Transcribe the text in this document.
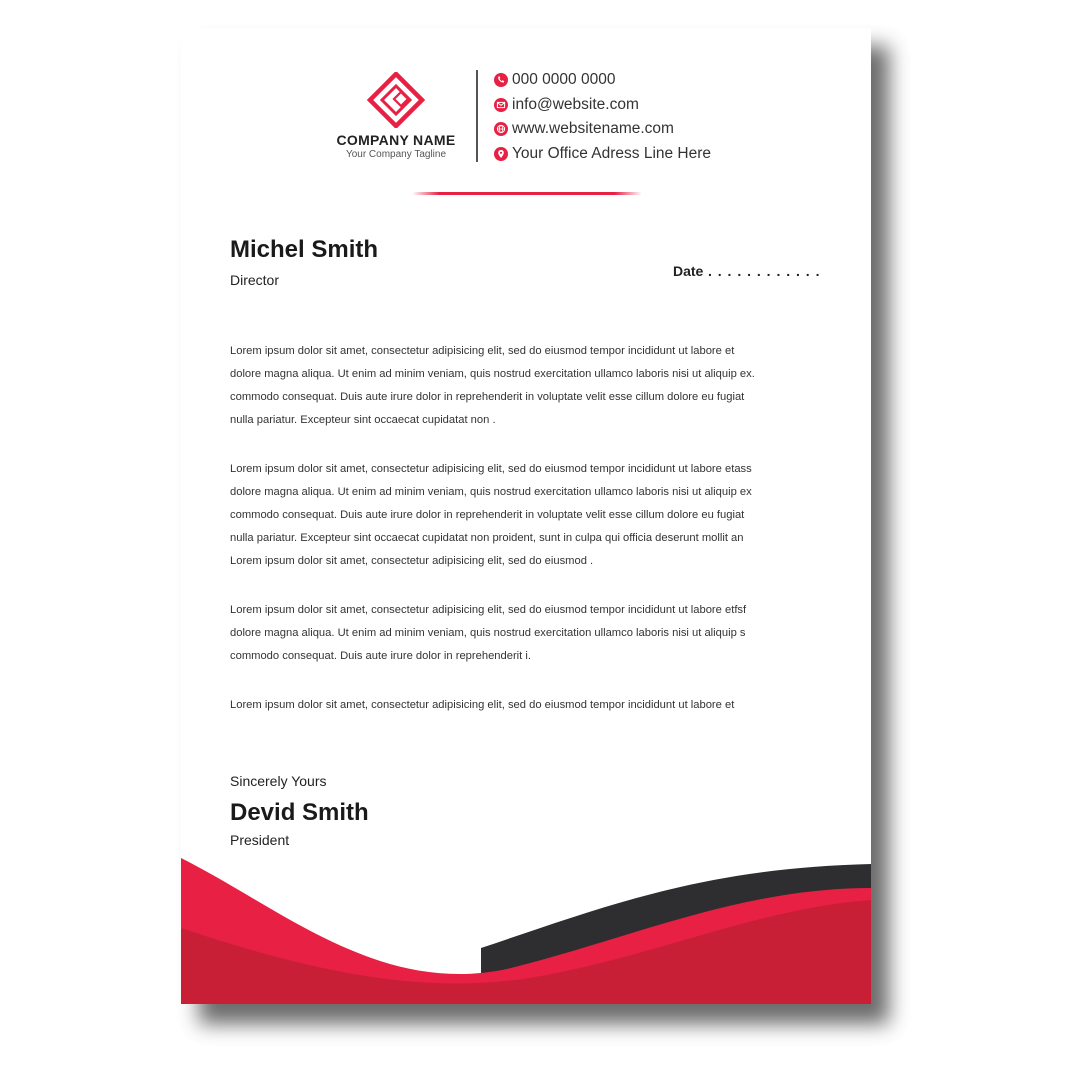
COMPANY NAME
Your Company Tagline
000 0000 0000
info@website.com
www.websitename.com
Your Office Adress Line Here
Michel Smith
Director
Date . . . . . . . . . . . .

Lorem ipsum dolor sit amet, consectetur adipisicing elit, sed do eiusmod tempor incididunt ut labore et
dolore magna aliqua. Ut enim ad minim veniam, quis nostrud exercitation ullamco laboris nisi ut aliquip ex.
commodo consequat. Duis aute irure dolor in reprehenderit in voluptate velit esse cillum dolore eu fugiat
nulla pariatur. Excepteur sint occaecat cupidatat non .

Lorem ipsum dolor sit amet, consectetur adipisicing elit, sed do eiusmod tempor incididunt ut labore etass
dolore magna aliqua. Ut enim ad minim veniam, quis nostrud exercitation ullamco laboris nisi ut aliquip ex
commodo consequat. Duis aute irure dolor in reprehenderit in voluptate velit esse cillum dolore eu fugiat
nulla pariatur. Excepteur sint occaecat cupidatat non proident, sunt in culpa qui officia deserunt mollit an
Lorem ipsum dolor sit amet, consectetur adipisicing elit, sed do eiusmod .

Lorem ipsum dolor sit amet, consectetur adipisicing elit, sed do eiusmod tempor incididunt ut labore etfsf
dolore magna aliqua. Ut enim ad minim veniam, quis nostrud exercitation ullamco laboris nisi ut aliquip s
commodo consequat. Duis aute irure dolor in reprehenderit i.

Lorem ipsum dolor sit amet, consectetur adipisicing elit, sed do eiusmod tempor incididunt ut labore et

Sincerely Yours
Devid Smith
President
